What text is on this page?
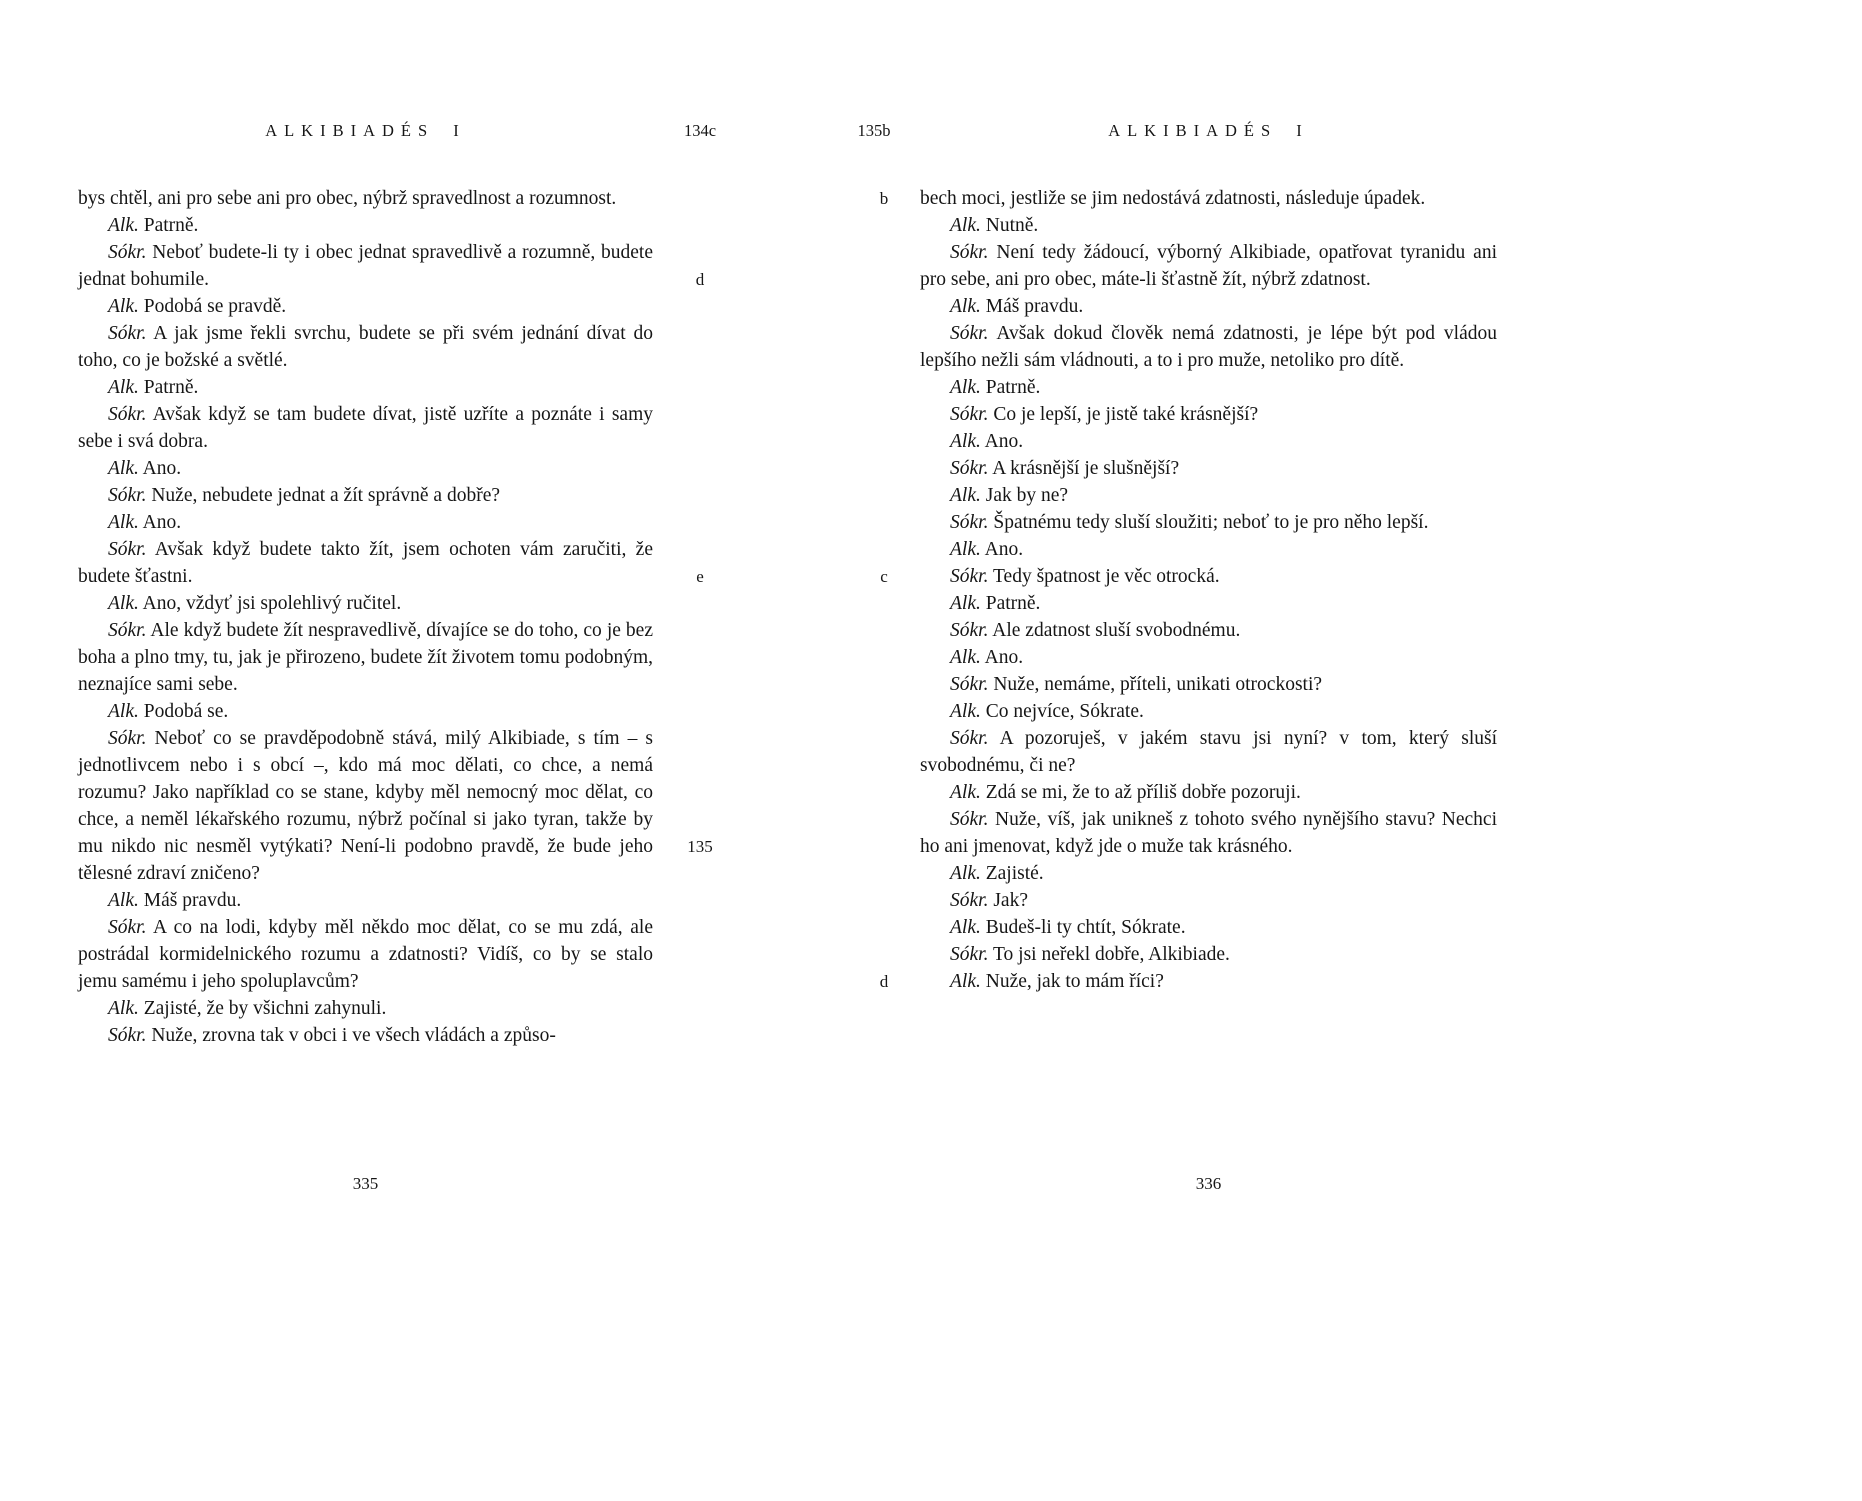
ALKIBIADÉS I	134c

bys chtěl, ani pro sebe ani pro obec, nýbrž spravedlnost a rozumnost.

Alk. Patrně.

Sókr. Neboť budete-li ty i obec jednat spravedlivě a rozumně, budete jednat bohumile.

Alk. Podobá se pravdě.

Sókr. A jak jsme řekli svrchu, budete se při svém jednání dívat do toho, co je božské a světlé.

Alk. Patrně.

Sókr. Avšak když se tam budete dívat, jistě uzříte a poznáte i samy sebe i svá dobra.

Alk. Ano.

Sókr. Nuže, nebudete jednat a žít správně a dobře?

Alk. Ano.

Sókr. Avšak když budete takto žít, jsem ochoten vám zaručiti, že budete šťastni.

Alk. Ano, vždyť jsi spolehlivý ručitel.

Sókr. Ale když budete žít nespravedlivě, dívajíce se do toho, co je bez boha a plno tmy, tu, jak je přirozeno, budete žít životem tomu podobným, neznajíce sami sebe.

Alk. Podobá se.

Sókr. Neboť co se pravděpodobně stává, milý Alkibiade, s tím – s jednotlivcem nebo i s obcí –, kdo má moc dělati, co chce, a nemá rozumu? Jako například co se stane, kdyby měl nemocný moc dělat, co chce, a neměl lékařského rozumu, nýbrž počínal si jako tyran, takže by mu nikdo nic nesměl vytýkati? Není-li podobno pravdě, že bude jeho tělesné zdraví zničeno?

Alk. Máš pravdu.

Sókr. A co na lodi, kdyby měl někdo moc dělat, co se mu zdá, ale postrádal kormidelnického rozumu a zdatnosti? Vidíš, co by se stalo jemu samému i jeho spoluplavcům?

Alk. Zajisté, že by všichni zahynuli.

Sókr. Nuže, zrovna tak v obci i ve všech vládách a způso-

d
e
135
335
135b	ALKIBIADÉS I

bech moci, jestliže se jim nedostává zdatnosti, následuje úpadek.

Alk. Nutně.

Sókr. Není tedy žádoucí, výborný Alkibiade, opatřovat tyranidu ani pro sebe, ani pro obec, máte-li šťastně žít, nýbrž zdatnost.

Alk. Máš pravdu.

Sókr. Avšak dokud člověk nemá zdatnosti, je lépe být pod vládou lepšího nežli sám vládnouti, a to i pro muže, netoliko pro dítě.

Alk. Patrně.

Sókr. Co je lepší, je jistě také krásnější?

Alk. Ano.

Sókr. A krásnější je slušnější?

Alk. Jak by ne?

Sókr. Špatnému tedy sluší sloužiti; neboť to je pro něho lepší.

Alk. Ano.

Sókr. Tedy špatnost je věc otrocká.

Alk. Patrně.

Sókr. Ale zdatnost sluší svobodnému.

Alk. Ano.

Sókr. Nuže, nemáme, příteli, unikati otrockosti?

Alk. Co nejvíce, Sókrate.

Sókr. A pozoruješ, v jakém stavu jsi nyní? v tom, který sluší svobodnému, či ne?

Alk. Zdá se mi, že to až příliš dobře pozoruji.

Sókr. Nuže, víš, jak unikneš z tohoto svého nynějšího stavu? Nechci ho ani jmenovat, když jde o muže tak krásného.

Alk. Zajisté.

Sókr. Jak?

Alk. Budeš-li ty chtít, Sókrate.

Sókr. To jsi neřekl dobře, Alkibiade.

Alk. Nuže, jak to mám říci?

b
c
d
336
